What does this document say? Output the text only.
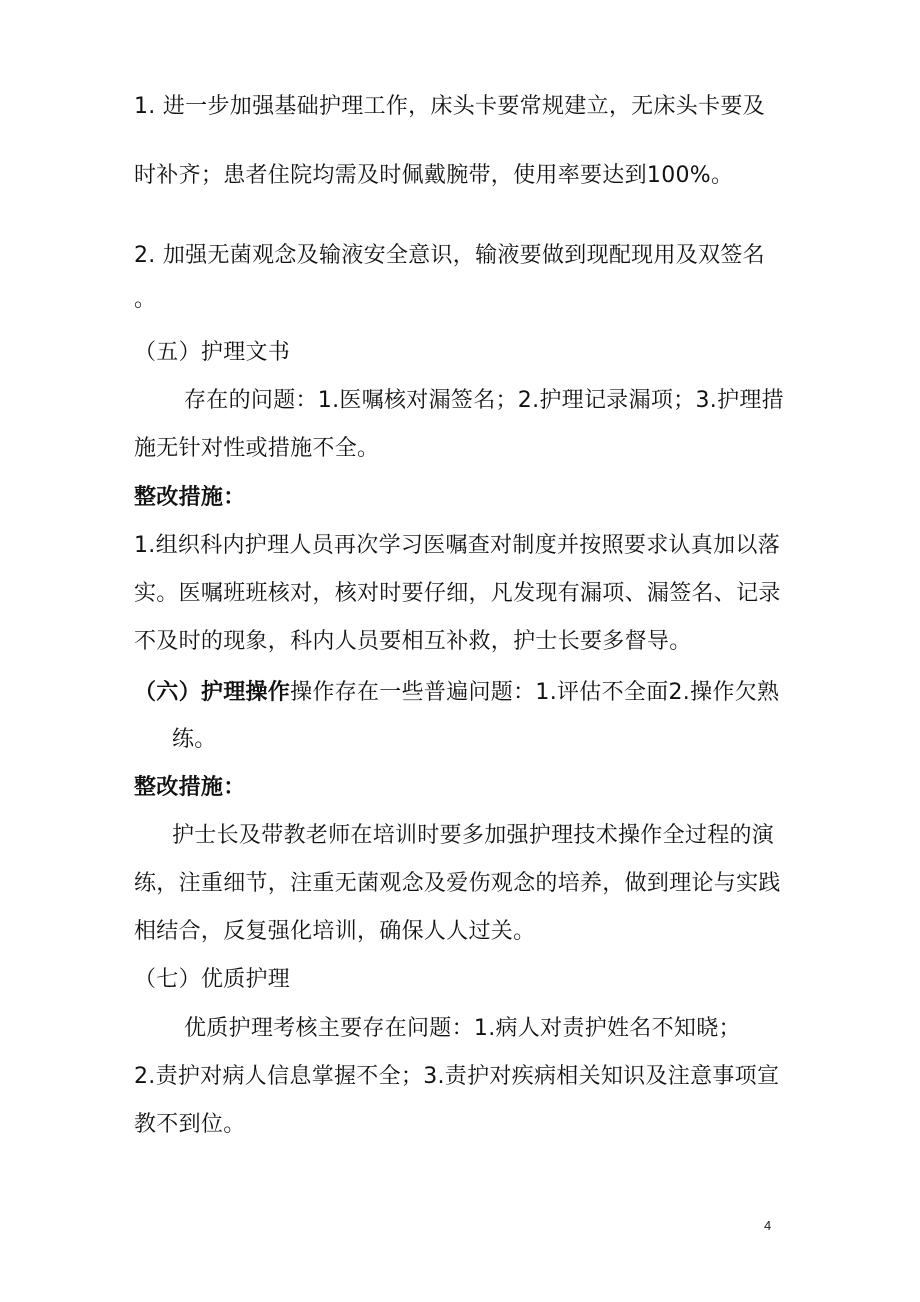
1. 进一步加强基础护理工作，床头卡要常规建立，无床头卡要及
时补齐；患者住院均需及时佩戴腕带，使用率要达到100%。
2. 加强无菌观念及输液安全意识，输液要做到现配现用及双签名
。
（五）护理文书
存在的问题：1.医嘱核对漏签名；2.护理记录漏项；3.护理措
施无针对性或措施不全。
整改措施：
1.组织科内护理人员再次学习医嘱查对制度并按照要求认真加以落
实。医嘱班班核对，核对时要仔细，凡发现有漏项、漏签名、记录
不及时的现象，科内人员要相互补救，护士长要多督导。
（六）护理操作操作存在一些普遍问题：1.评估不全面2.操作欠熟
练。
整改措施：
护士长及带教老师在培训时要多加强护理技术操作全过程的演
练，注重细节，注重无菌观念及爱伤观念的培养，做到理论与实践
相结合，反复强化培训，确保人人过关。
（七）优质护理
优质护理考核主要存在问题：1.病人对责护姓名不知晓；
2.责护对病人信息掌握不全；3.责护对疾病相关知识及注意事项宣
教不到位。
4
